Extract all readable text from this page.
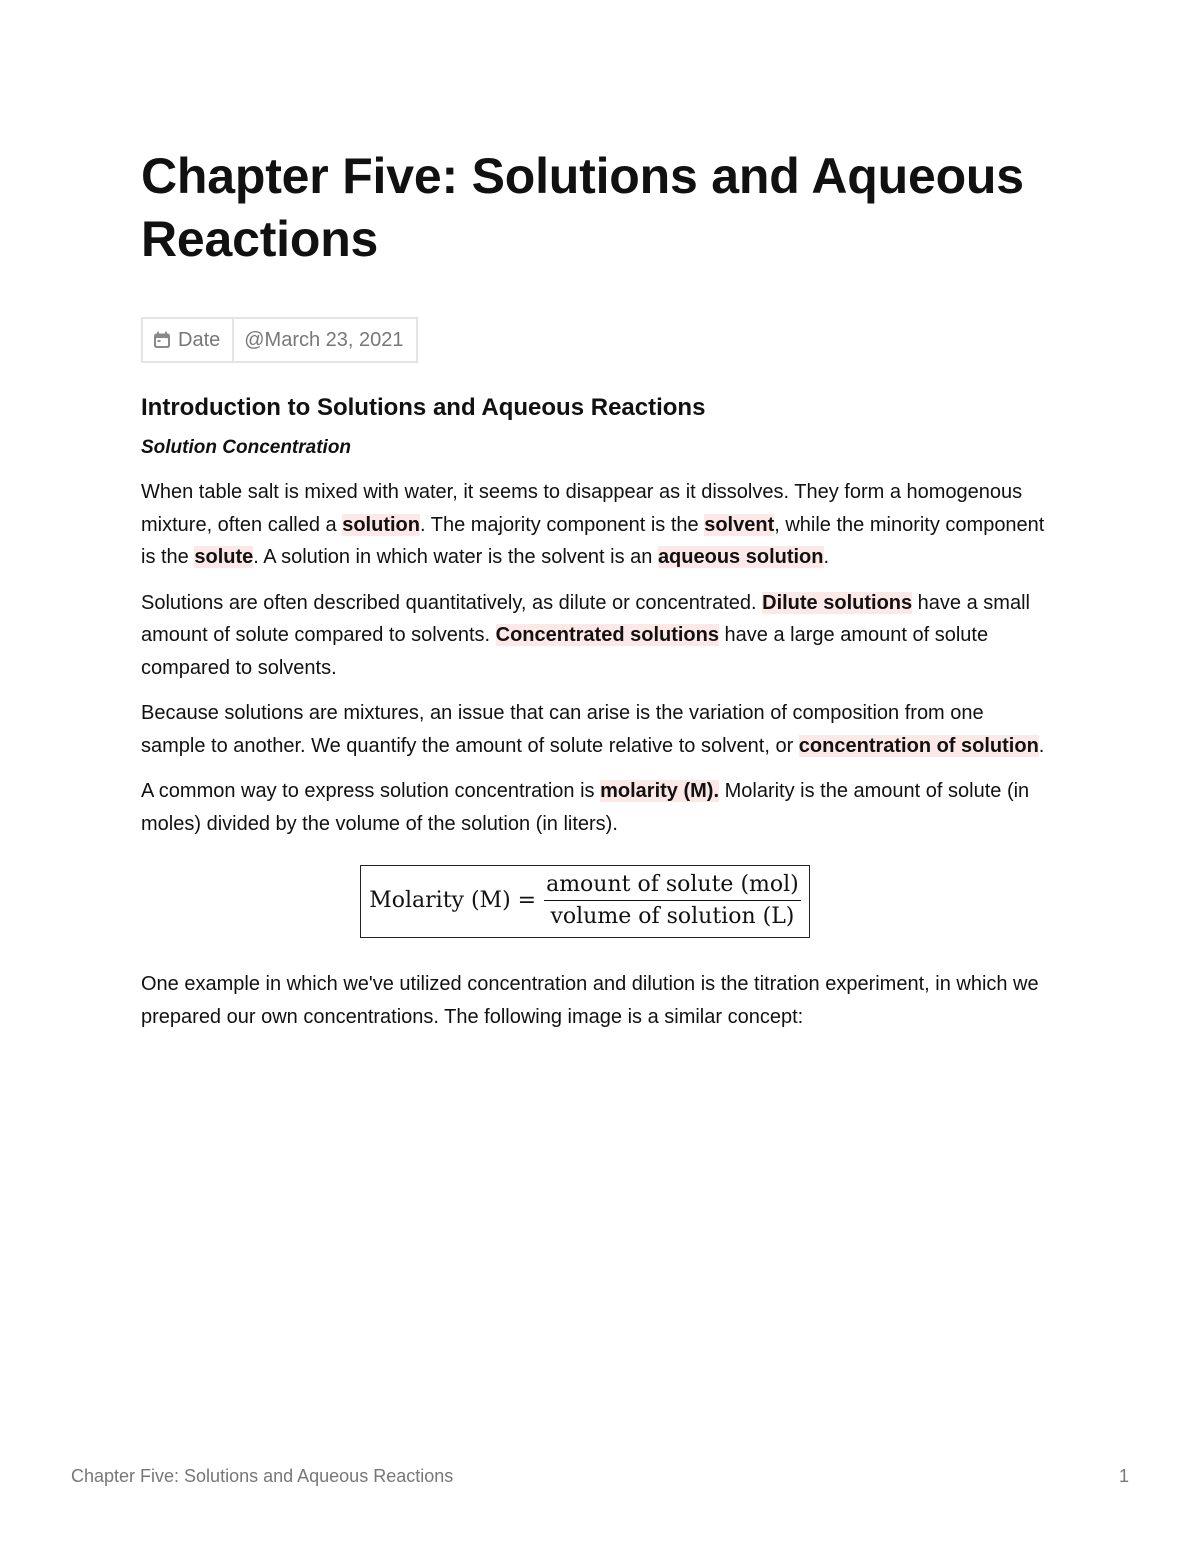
Chapter Five: Solutions and Aqueous Reactions
Date	@March 23, 2021
Introduction to Solutions and Aqueous Reactions
Solution Concentration

When table salt is mixed with water, it seems to disappear as it dissolves. They form a homogenous mixture, often called a solution. The majority component is the solvent, while the minority component is the solute. A solution in which water is the solvent is an aqueous solution.

Solutions are often described quantitatively, as dilute or concentrated. Dilute solutions have a small amount of solute compared to solvents. Concentrated solutions have a large amount of solute compared to solvents.

Because solutions are mixtures, an issue that can arise is the variation of composition from one sample to another. We quantify the amount of solute relative to solvent, or concentration of solution.

A common way to express solution concentration is molarity (M). Molarity is the amount of solute (in moles) divided by the volume of the solution (in liters).

Molarity $(M) = \frac{\text{amount of solute (mol)}}{\text{volume of solution (L)}}$

One example in which we've utilized concentration and dilution is the titration experiment, in which we prepared our own concentrations. The following image is a similar concept:

Chapter Five: Solutions and Aqueous Reactions	1
